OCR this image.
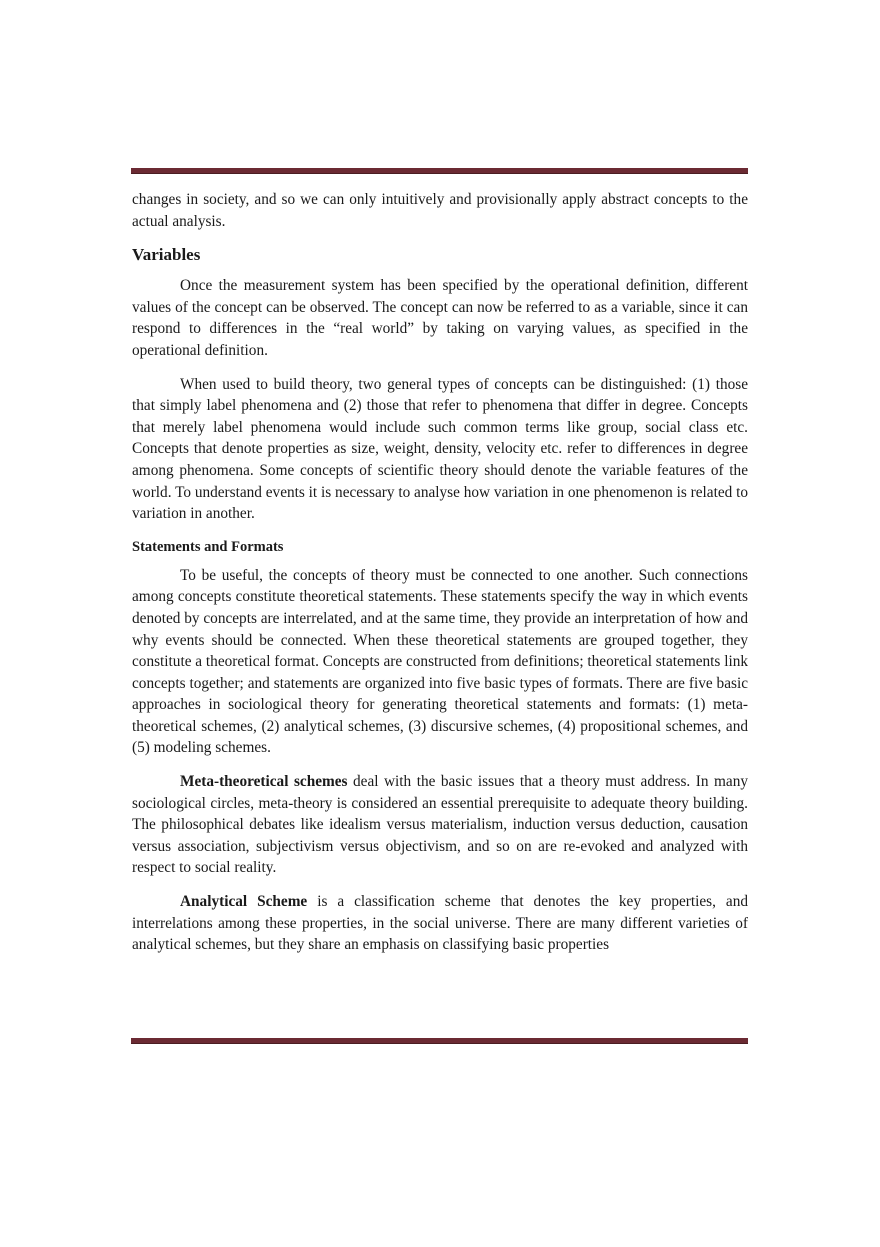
changes in society, and so we can only intuitively and provisionally apply abstract concepts to the actual analysis.

Variables

Once the measurement system has been specified by the operational definition, different values of the concept can be observed. The concept can now be referred to as a variable, since it can respond to differences in the “real world” by taking on varying values, as specified in the operational definition.

When used to build theory, two general types of concepts can be distinguished: (1) those that simply label phenomena and (2) those that refer to phenomena that differ in degree. Concepts that merely label phenomena would include such common terms like group, social class etc. Concepts that denote properties as size, weight, density, velocity etc. refer to differences in degree among phenomena. Some concepts of scientific theory should denote the variable features of the world. To understand events it is necessary to analyse how variation in one phenomenon is related to variation in another.

Statements and Formats

To be useful, the concepts of theory must be connected to one another. Such connections among concepts constitute theoretical statements. These statements specify the way in which events denoted by concepts are interrelated, and at the same time, they provide an interpretation of how and why events should be connected. When these theoretical statements are grouped together, they constitute a theoretical format. Concepts are constructed from definitions; theoretical statements link concepts together; and statements are organized into five basic types of formats. There are five basic approaches in sociological theory for generating theoretical statements and formats: (1) meta- theoretical schemes, (2) analytical schemes, (3) discursive schemes, (4) propositional schemes, and (5) modeling schemes.

Meta-theoretical schemes deal with the basic issues that a theory must address. In many sociological circles, meta-theory is considered an essential prerequisite to adequate theory building. The philosophical debates like idealism versus materialism, induction versus deduction, causation versus association, subjectivism versus objectivism, and so on are re-evoked and analyzed with respect to social reality.

Analytical Scheme is a classification scheme that denotes the key properties, and interrelations among these properties, in the social universe. There are many different varieties of analytical schemes, but they share an emphasis on classifying basic properties
